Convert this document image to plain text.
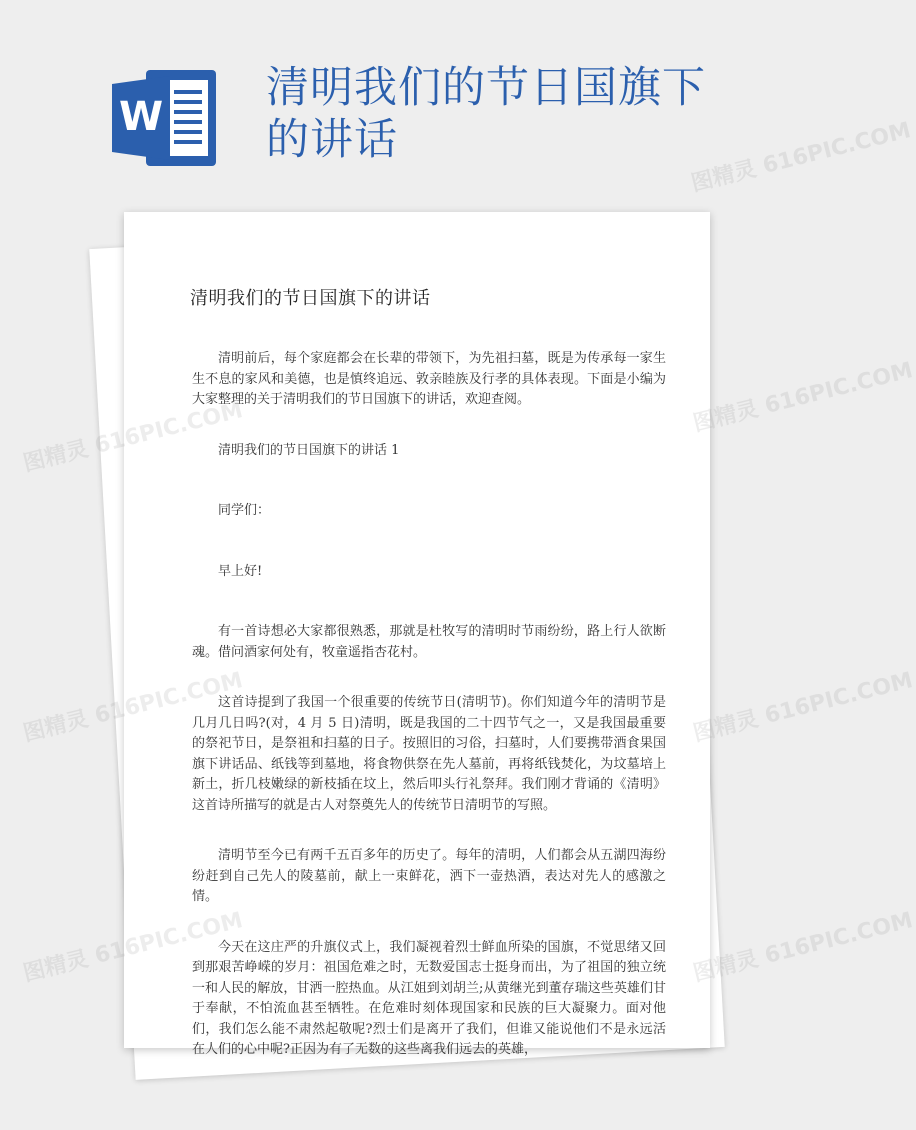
W
清明我们的节日国旗下的讲话
清明我们的节日国旗下的讲话

清明前后，每个家庭都会在长辈的带领下，为先祖扫墓，既是为传承每一家生生不息的家风和美德，也是慎终追远、敦亲睦族及行孝的具体表现。下面是小编为大家整理的关于清明我们的节日国旗下的讲话，欢迎查阅。

清明我们的节日国旗下的讲话 1

同学们：

早上好!

有一首诗想必大家都很熟悉，那就是杜牧写的清明时节雨纷纷，路上行人欲断魂。借问酒家何处有，牧童遥指杏花村。

这首诗提到了我国一个很重要的传统节日(清明节)。你们知道今年的清明节是几月几日吗?(对，4 月 5 日)清明，既是我国的二十四节气之一，又是我国最重要的祭祀节日，是祭祖和扫墓的日子。按照旧的习俗，扫墓时，人们要携带酒食果国旗下讲话品、纸钱等到墓地，将食物供祭在先人墓前，再将纸钱焚化，为坟墓培上新土，折几枝嫩绿的新枝插在坟上，然后叩头行礼祭拜。我们刚才背诵的《清明》这首诗所描写的就是古人对祭奠先人的传统节日清明节的写照。

清明节至今已有两千五百多年的历史了。每年的清明，人们都会从五湖四海纷纷赶到自己先人的陵墓前，献上一束鲜花，洒下一壶热酒，表达对先人的感激之情。

今天在这庄严的升旗仪式上，我们凝视着烈士鲜血所染的国旗，不觉思绪又回到那艰苦峥嵘的岁月：祖国危难之时，无数爱国志士挺身而出，为了祖国的独立统一和人民的解放，甘洒一腔热血。从江姐到刘胡兰;从黄继光到董存瑞这些英雄们甘于奉献，不怕流血甚至牺牲。在危难时刻体现国家和民族的巨大凝聚力。面对他们，我们怎么能不肃然起敬呢?烈士们是离开了我们，但谁又能说他们不是永远活在人们的心中呢?正因为有了无数的这些离我们远去的英雄，

图精灵 616PIC.COM
图精灵
图精灵 616PIC.COM
图精灵	图精灵 616PIC.COM
图精灵	图精灵 616PIC.COM
